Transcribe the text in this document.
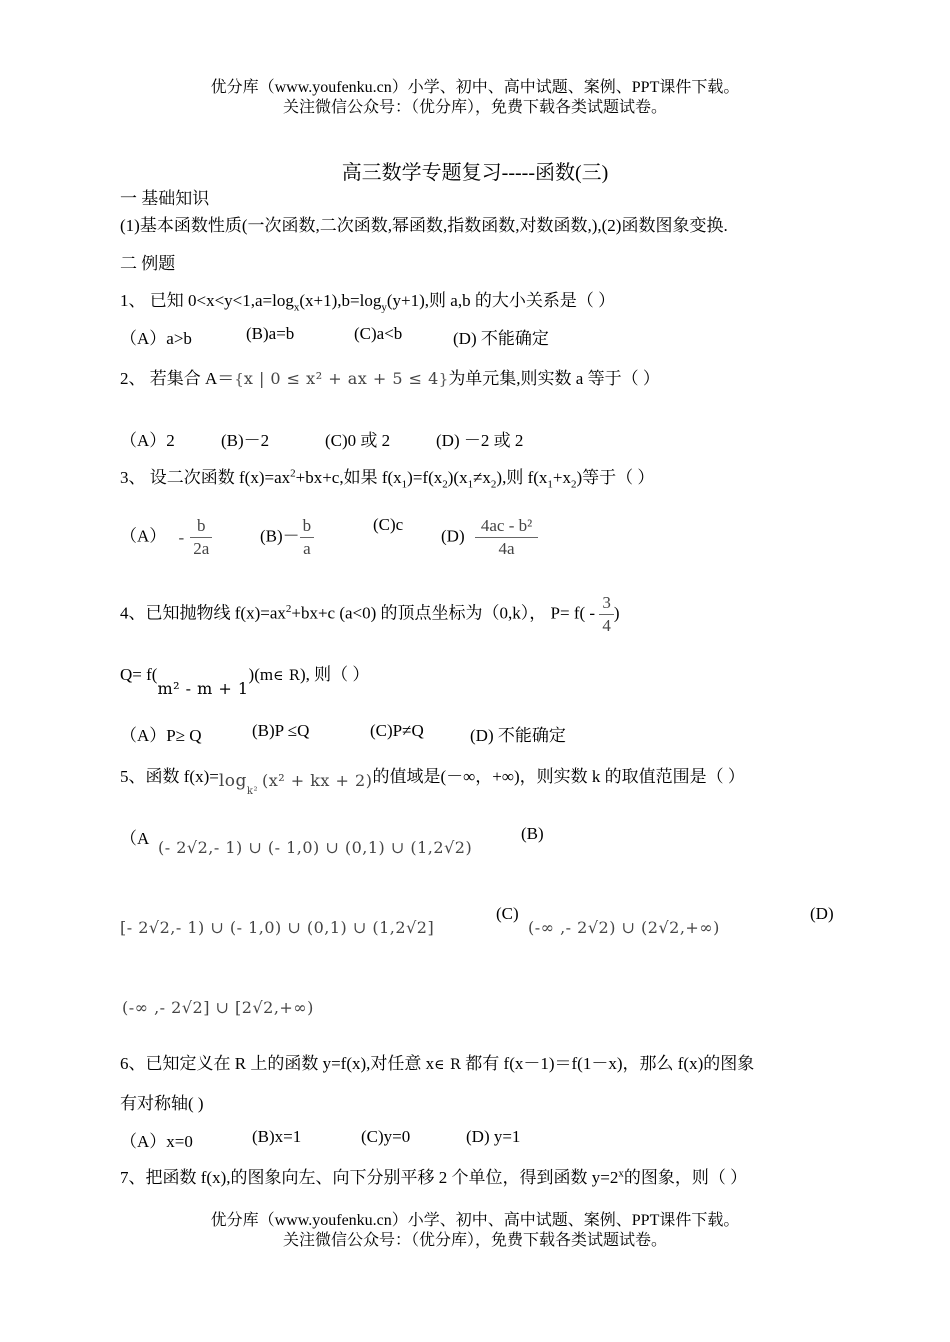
优分库（www.youfenku.cn）小学、初中、高中试题、案例、PPT课件下载。
关注微信公众号：（优分库），免费下载各类试题试卷。
高三数学专题复习-----函数(三)
一 基础知识
(1)基本函数性质(一次函数,二次函数,幂函数,指数函数,对数函数,),(2)函数图象变换.
二 例题
1、 已知 $0<x<y<1,a=\log_x(x+1),b=\log_y(y+1)$,则 a,b 的大小关系是（ ）
（A）a>b	(B)a=b	(C)a<b	(D) 不能确定
2、 若集合 A＝{x | 0 ≤ x² + ax + 5 ≤ 4}为单元集,则实数 a 等于（ ）
（A）2	(B)－2	(C)0 或 2	(D) －2 或 2
3、 设二次函数 $f(x)=ax^2+bx+c$,如果 $f(x_1)=f(x_2)(x_1\ne x_2)$,则 $f(x_1+x_2)$等于（ ）
$(A) - \frac{b}{2a}$	$(B)- \frac{b}{a}$	(C)c
$(D) \frac{\text{4ac - b²}}{4a}$
4、已知抛物线 $f(x)=ax^2+bx+c$ (a<0) 的顶点坐标为（0,k）， $P= f( - \frac{3}{4}$ )
Q= f(m² - m + 1)(m∈ R), 则（ ）
（A）P≥ Q	(B)P ≤Q	(C)P≠Q	(D) 不能确定
5、函数 $f(x)=\log_{k^2}(x^2$ + kx + 2)的值域是(－∞，+∞)，则实数 k 的取值范围是（ ）
（A (- 2√2,- 1) ∪ (- 1,0) ∪ (0,1) ∪ (1,2√2)
(B)
[- 2√2,- 1) ∪ (- 1,0) ∪ (0,1) ∪ (1,2√2]
(C)
(-∞ ,- 2√2) ∪ (2√2,+∞)
(D)
(-∞ ,- 2√2] ∪ [2√2,+∞)
6、已知定义在 R 上的函数 y=f(x),对任意 x∈ R 都有 f(x－1)＝f(1－x)，那么 f(x)的图象
有对称轴( )
（A）x=0	(B)x=1	(C)y=0	(D) y=1
7、把函数 f(x),的图象向左、向下分别平移 2 个单位，得到函数 $y=2^x$的图象，则（ ）
优分库（www.youfenku.cn）小学、初中、高中试题、案例、PPT课件下载。
关注微信公众号：（优分库），免费下载各类试题试卷。
